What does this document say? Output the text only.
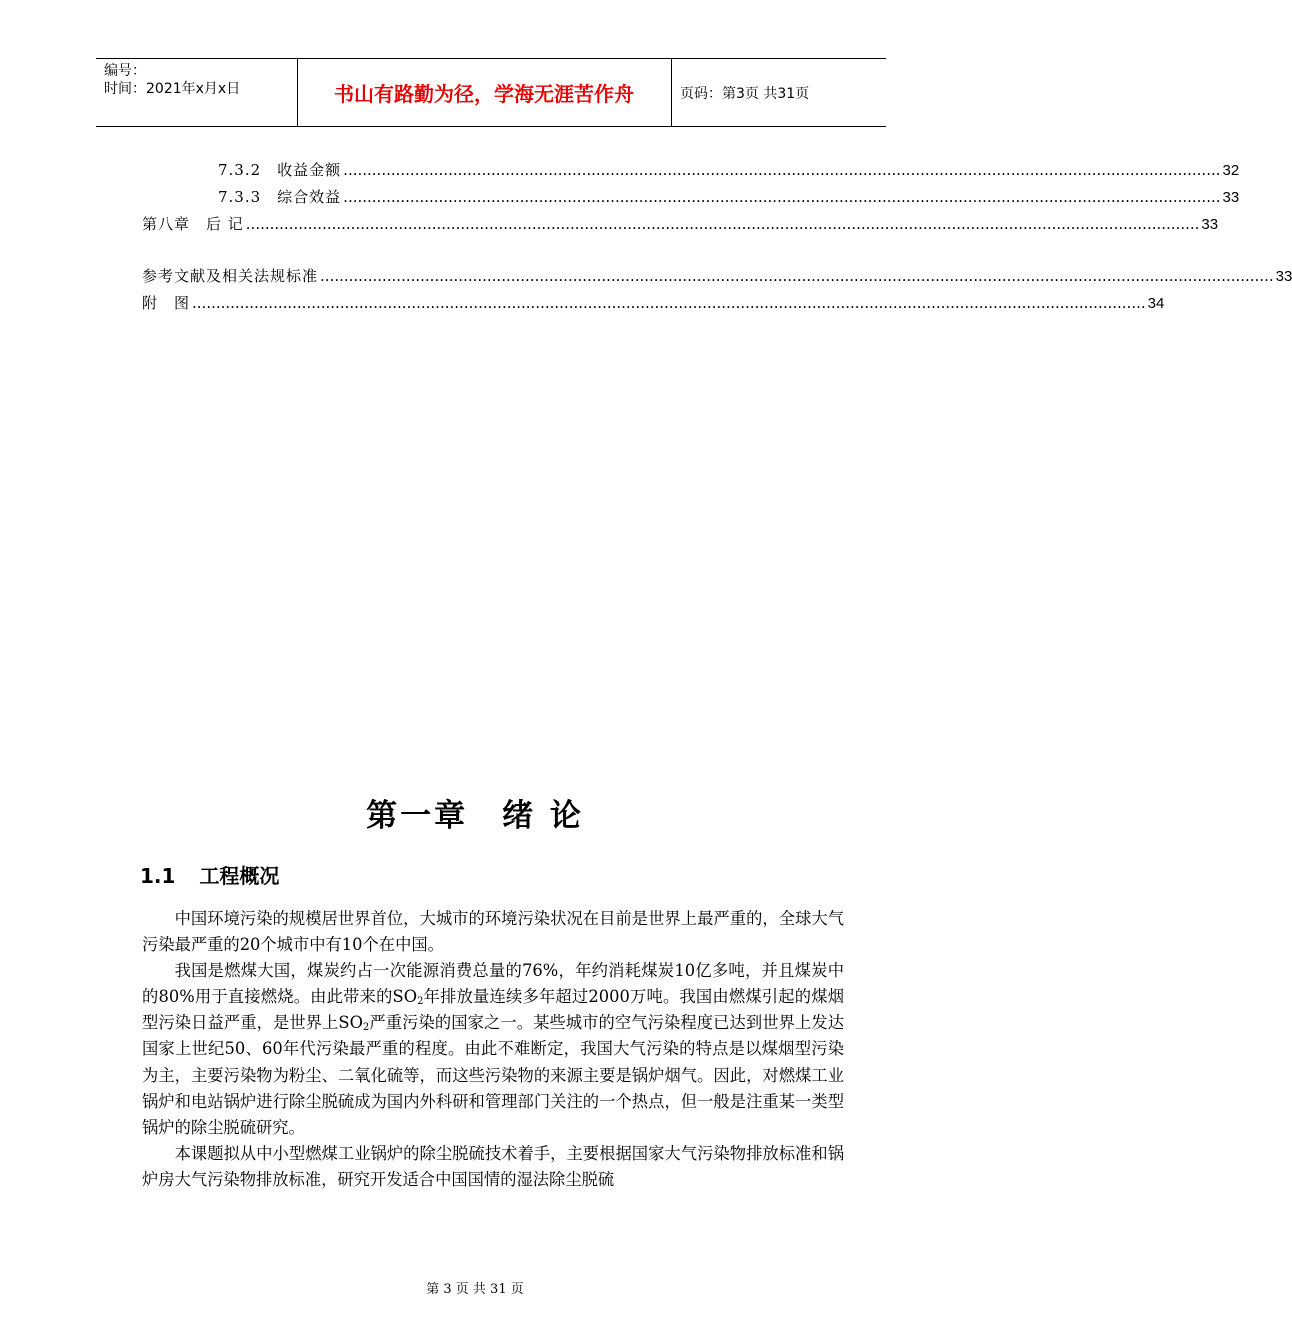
编号：
时间：2021年x月x日	书山有路勤为径，学海无涯苦作舟	页码：第3页 共31页
7.3.2　收益金额 ........................................................................................................................................................................................ 32
7.3.3　综合效益 ........................................................................................................................................................................................ 33
第八章　后 记 ........................................................................................................................................................................................................ 33
参考文献及相关法规标准 ........................................................................................................................................................................................................ 33
附　图 ........................................................................................................................................................................................................ 34
第一章　绪 论
1.1 工程概况

中国环境污染的规模居世界首位，大城市的环境污染状况在目前是世界上最严重的，全球大气污染最严重的20个城市中有10个在中国。

我国是燃煤大国，煤炭约占一次能源消费总量的76%，年约消耗煤炭10亿多吨，并且煤炭中的80%用于直接燃烧。由此带来的$SO_2$年排放量连续多年超过2000万吨。我国由燃煤引起的煤烟型污染日益严重，是世界上$SO_2$严重污染的国家之一。某些城市的空气污染程度已达到世界上发达国家上世纪50、60年代污染最严重的程度。由此不难断定，我国大气污染的特点是以煤烟型污染为主，主要污染物为粉尘、二氧化硫等，而这些污染物的来源主要是锅炉烟气。因此，对燃煤工业锅炉和电站锅炉进行除尘脱硫成为国内外科研和管理部门关注的一个热点，但一般是注重某一类型锅炉的除尘脱硫研究。

本课题拟从中小型燃煤工业锅炉的除尘脱硫技术着手，主要根据国家大气污染物排放标准和锅炉房大气污染物排放标准，研究开发适合中国国情的湿法除尘脱硫

第 3 页 共 31 页
